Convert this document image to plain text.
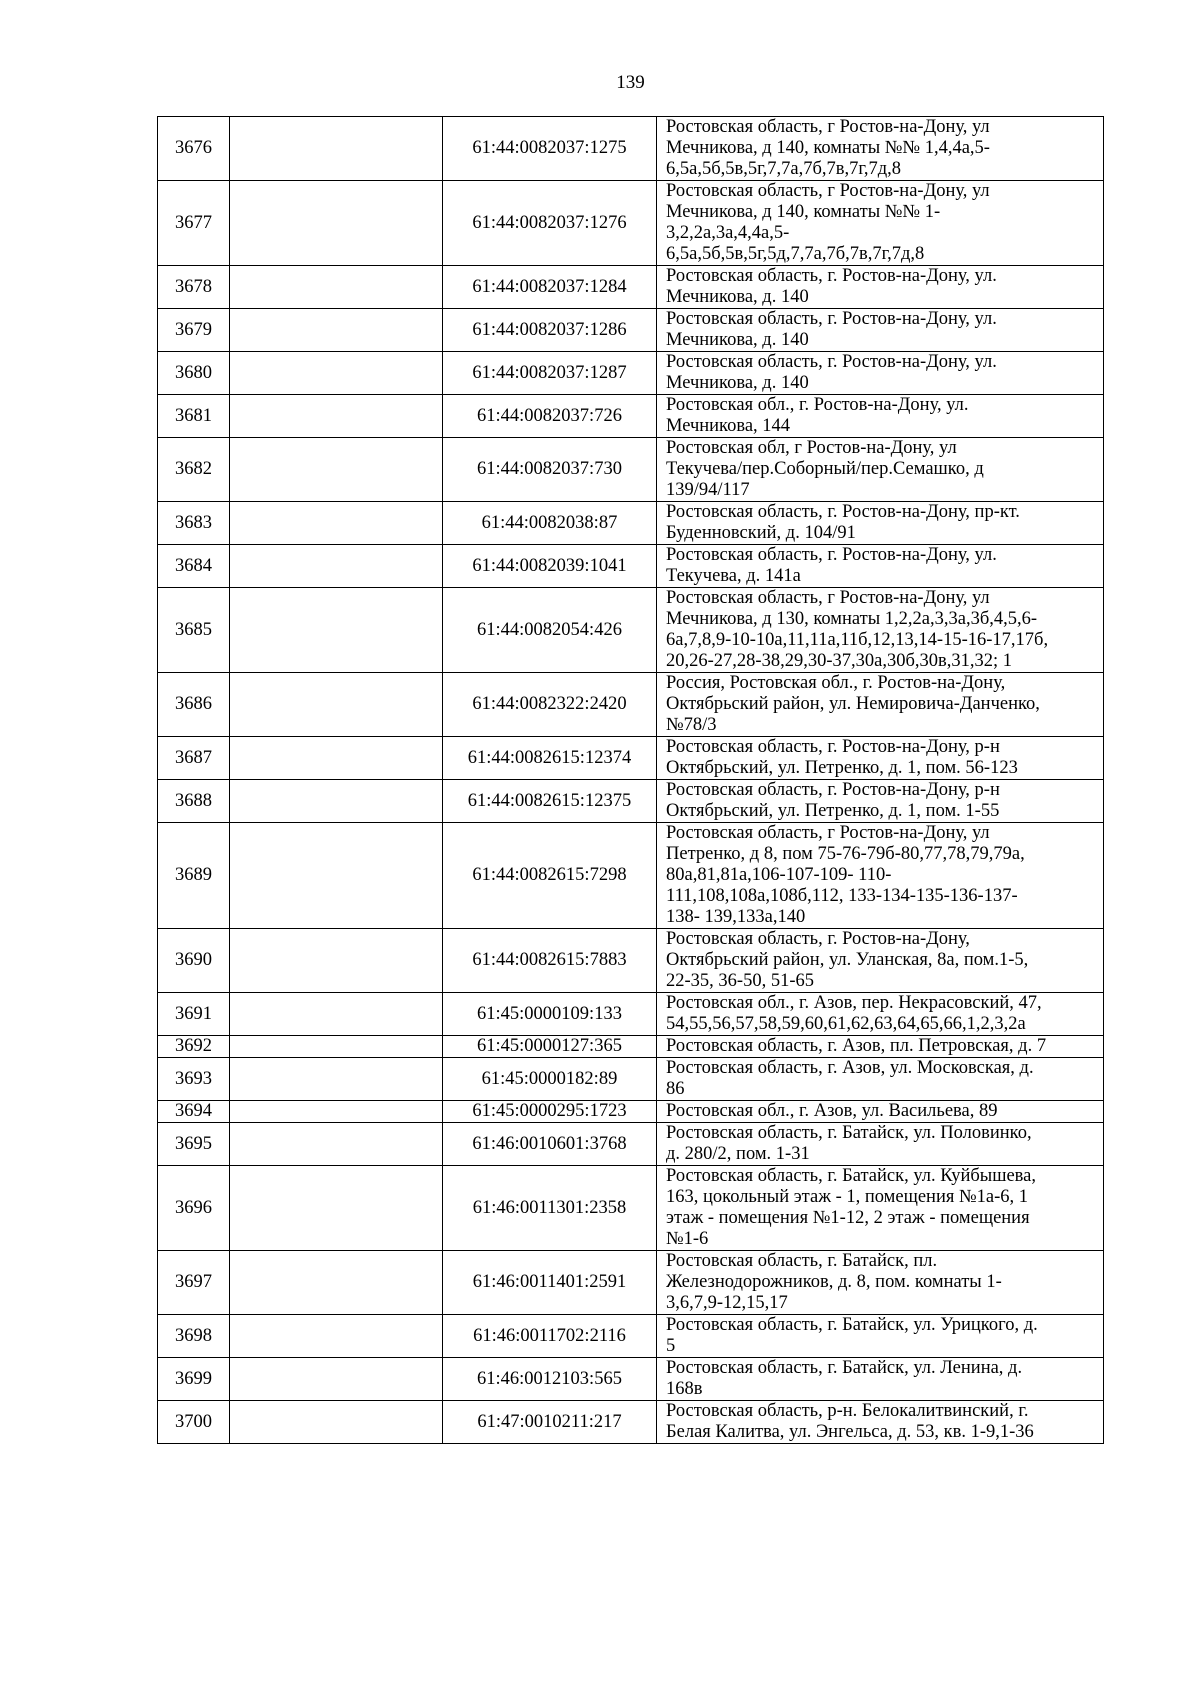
139
3676		61:44:0082037:1275	Ростовская область, г Ростов-на-Дону, ул
Мечникова, д 140, комнаты №№ 1,4,4а,5-
6,5а,5б,5в,5г,7,7а,7б,7в,7г,7д,8

3677		61:44:0082037:1276	Ростовская область, г Ростов-на-Дону, ул
Мечникова, д 140, комнаты №№ 1-
3,2,2а,3а,4,4а,5-
6,5а,5б,5в,5г,5д,7,7а,7б,7в,7г,7д,8

3678		61:44:0082037:1284	Ростовская область, г. Ростов-на-Дону, ул.
Мечникова, д. 140

3679		61:44:0082037:1286	Ростовская область, г. Ростов-на-Дону, ул.
Мечникова, д. 140

3680		61:44:0082037:1287	Ростовская область, г. Ростов-на-Дону, ул.
Мечникова, д. 140

3681		61:44:0082037:726	Ростовская обл., г. Ростов-на-Дону, ул.
Мечникова, 144

3682		61:44:0082037:730	Ростовская обл, г Ростов-на-Дону, ул
Текучева/пер.Соборный/пер.Семашко, д
139/94/117

3683		61:44:0082038:87	Ростовская область, г. Ростов-на-Дону, пр-кт.
Буденновский, д. 104/91

3684		61:44:0082039:1041	Ростовская область, г. Ростов-на-Дону, ул.
Текучева, д. 141а

3685		61:44:0082054:426	Ростовская область, г Ростов-на-Дону, ул
Мечникова, д 130, комнаты 1,2,2а,3,3а,3б,4,5,6-
6а,7,8,9-10-10а,11,11а,11б,12,13,14-15-16-17,17б,
20,26-27,28-38,29,30-37,30а,30б,30в,31,32; 1

3686		61:44:0082322:2420	Россия, Ростовская обл., г. Ростов-на-Дону,
Октябрьский район, ул. Немировича-Данченко,
№78/3

3687		61:44:0082615:12374	Ростовская область, г. Ростов-на-Дону, р-н
Октябрьский, ул. Петренко, д. 1, пом. 56-123

3688		61:44:0082615:12375	Ростовская область, г. Ростов-на-Дону, р-н
Октябрьский, ул. Петренко, д. 1, пом. 1-55

3689		61:44:0082615:7298	Ростовская область, г Ростов-на-Дону, ул
Петренко, д 8, пом 75-76-79б-80,77,78,79,79а,
80а,81,81а,106-107-109- 110-
111,108,108а,108б,112, 133-134-135-136-137-
138- 139,133а,140

3690		61:44:0082615:7883	Ростовская область, г. Ростов-на-Дону,
Октябрьский район, ул. Уланская, 8а, пом.1-5,
22-35, 36-50, 51-65

3691		61:45:0000109:133	Ростовская обл., г. Азов, пер. Некрасовский, 47,
54,55,56,57,58,59,60,61,62,63,64,65,66,1,2,3,2а

3692		61:45:0000127:365	Ростовская область, г. Азов, пл. Петровская, д. 7

3693		61:45:0000182:89	Ростовская область, г. Азов, ул. Московская, д.
86

3694		61:45:0000295:1723	Ростовская обл., г. Азов, ул. Васильева, 89

3695		61:46:0010601:3768	Ростовская область, г. Батайск, ул. Половинко,
д. 280/2, пом. 1-31

3696		61:46:0011301:2358	Ростовская область, г. Батайск, ул. Куйбышева,
163, цокольный этаж - 1, помещения №1а-6, 1
этаж - помещения №1-12, 2 этаж - помещения
№1-6

3697		61:46:0011401:2591	Ростовская область, г. Батайск, пл.
Железнодорожников, д. 8, пом. комнаты 1-
3,6,7,9-12,15,17

3698		61:46:0011702:2116	Ростовская область, г. Батайск, ул. Урицкого, д.
5

3699		61:46:0012103:565	Ростовская область, г. Батайск, ул. Ленина, д.
168в

3700		61:47:0010211:217	Ростовская область, р-н. Белокалитвинский, г.
Белая Калитва, ул. Энгельса, д. 53, кв. 1-9,1-36
